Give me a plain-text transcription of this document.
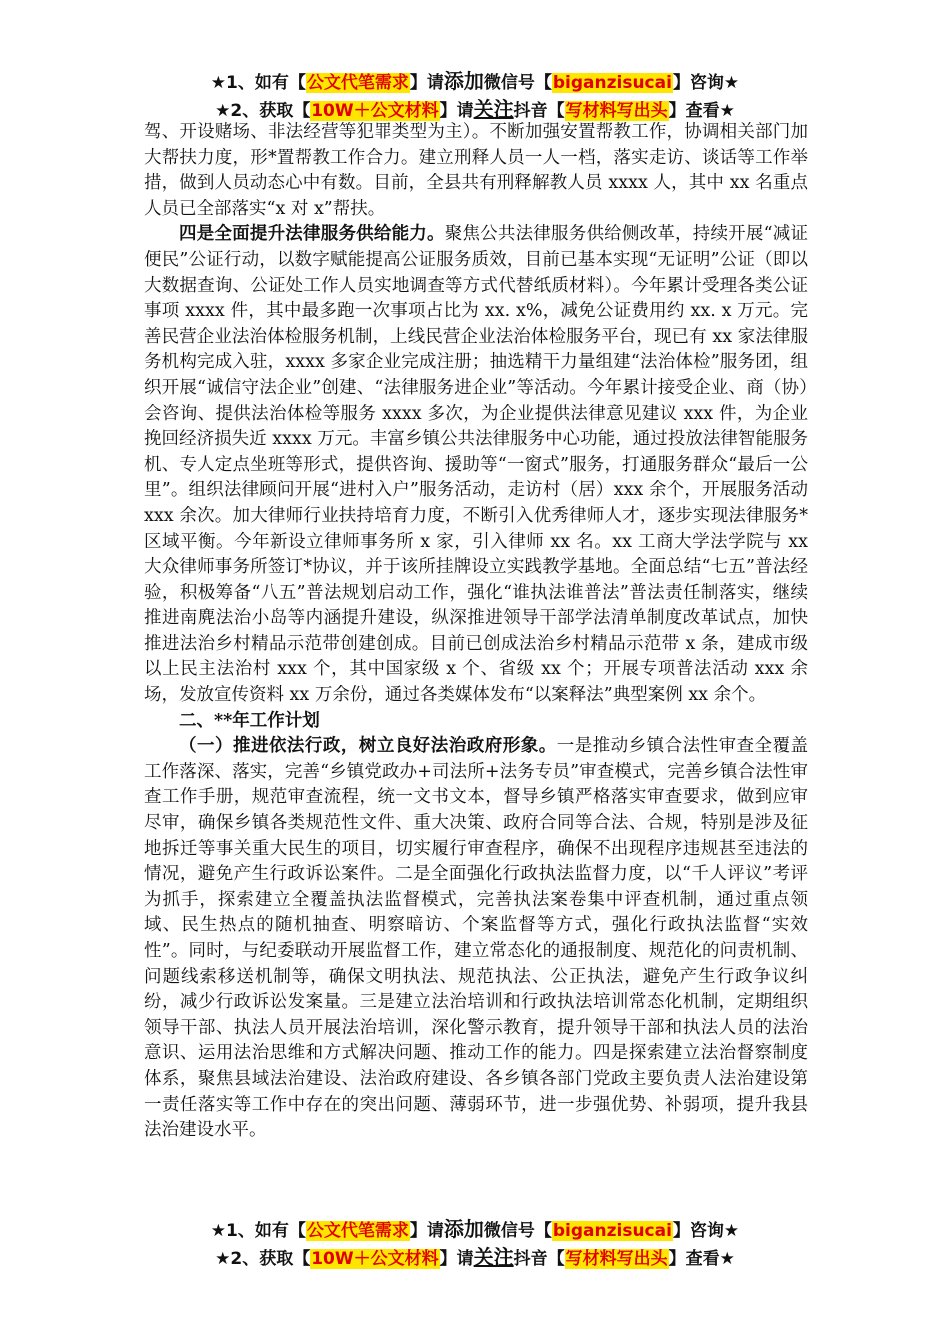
★1、如有【公文代笔需求】请添加微信号【biganzisucai】咨询★
★2、获取【10W＋公文材料】请关注抖音【写材料写出头】查看★

驾、开设赌场、非法经营等犯罪类型为主）。不断加强安置帮教工作，协调相关部门加大帮扶力度，形*置帮教工作合力。建立刑释人员一人一档，落实走访、谈话等工作举措，做到人员动态心中有数。目前，全县共有刑释解教人员 xxxx 人，其中 xx 名重点人员已全部落实“x 对 x”帮扶。

四是全面提升法律服务供给能力。聚焦公共法律服务供给侧改革，持续开展“减证便民”公证行动，以数字赋能提高公证服务质效，目前已基本实现“无证明”公证（即以大数据查询、公证处工作人员实地调查等方式代替纸质材料）。今年累计受理各类公证事项 xxxx 件，其中最多跑一次事项占比为 xx. x%，减免公证费用约 xx. x 万元。完善民营企业法治体检服务机制，上线民营企业法治体检服务平台，现已有 xx 家法律服务机构完成入驻，xxxx 多家企业完成注册；抽选精干力量组建“法治体检”服务团，组织开展“诚信守法企业”创建、“法律服务进企业”等活动。今年累计接受企业、商（协）会咨询、提供法治体检等服务 xxxx 多次，为企业提供法律意见建议 xxx 件，为企业挽回经济损失近 xxxx 万元。丰富乡镇公共法律服务中心功能，通过投放法律智能服务机、专人定点坐班等形式，提供咨询、援助等“一窗式”服务，打通服务群众“最后一公里”。组织法律顾问开展“进村入户”服务活动，走访村（居）xxx 余个，开展服务活动 xxx 余次。加大律师行业扶持培育力度，不断引入优秀律师人才，逐步实现法律服务*区域平衡。今年新设立律师事务所 x 家，引入律师 xx 名。xx 工商大学法学院与 xx 大众律师事务所签订*协议，并于该所挂牌设立实践教学基地。全面总结“七五”普法经验，积极筹备“八五”普法规划启动工作，强化“谁执法谁普法”普法责任制落实，继续推进南麂法治小岛等内涵提升建设，纵深推进领导干部学法清单制度改革试点，加快推进法治乡村精品示范带创建创成。目前已创成法治乡村精品示范带 x 条，建成市级以上民主法治村 xxx 个，其中国家级 x 个、省级 xx 个；开展专项普法活动 xxx 余场，发放宣传资料 xx 万余份，通过各类媒体发布“以案释法”典型案例 xx 余个。

二、**年工作计划

（一）推进依法行政，树立良好法治政府形象。一是推动乡镇合法性审查全覆盖工作落深、落实，完善“乡镇党政办+司法所+法务专员”审查模式，完善乡镇合法性审查工作手册，规范审查流程，统一文书文本，督导乡镇严格落实审查要求，做到应审尽审，确保乡镇各类规范性文件、重大决策、政府合同等合法、合规，特别是涉及征地拆迁等事关重大民生的项目，切实履行审查程序，确保不出现程序违规甚至违法的情况，避免产生行政诉讼案件。二是全面强化行政执法监督力度，以“千人评议”考评为抓手，探索建立全覆盖执法监督模式，完善执法案卷集中评查机制，通过重点领域、民生热点的随机抽查、明察暗访、个案监督等方式，强化行政执法监督“实效性”。同时，与纪委联动开展监督工作，建立常态化的通报制度、规范化的问责机制、问题线索移送机制等，确保文明执法、规范执法、公正执法，避免产生行政争议纠纷，减少行政诉讼发案量。三是建立法治培训和行政执法培训常态化机制，定期组织领导干部、执法人员开展法治培训，深化警示教育，提升领导干部和执法人员的法治意识、运用法治思维和方式解决问题、推动工作的能力。四是探索建立法治督察制度体系，聚焦县域法治建设、法治政府建设、各乡镇各部门党政主要负责人法治建设第一责任落实等工作中存在的突出问题、薄弱环节，进一步强优势、补弱项，提升我县法治建设水平。

★1、如有【公文代笔需求】请添加微信号【biganzisucai】咨询★
★2、获取【10W＋公文材料】请关注抖音【写材料写出头】查看★
